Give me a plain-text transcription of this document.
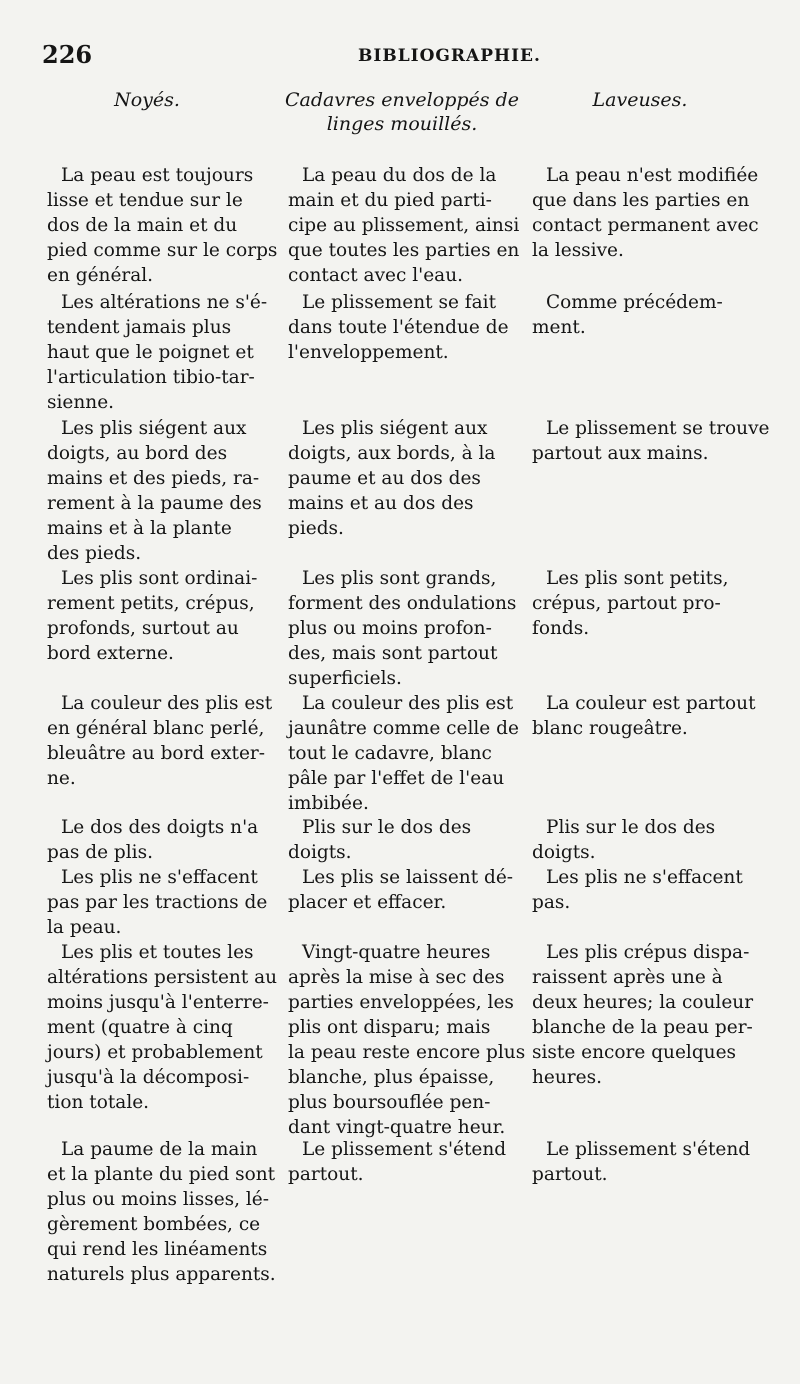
226	BIBLIOGRAPHIE.
Noyés.	Cadavres enveloppés de
linges mouillés.
Laveuses.
La peau est toujours
lisse et tendue sur le
dos de la main et du
pied comme sur le corps
en général.
La peau du dos de la
main et du pied parti-
cipe au plissement, ainsi
que toutes les parties en
contact avec l'eau.
La peau n'est modifiée
que dans les parties en
contact permanent avec
la lessive.
Les altérations ne s'é-
tendent jamais plus
haut que le poignet et
l'articulation tibio-tar-
sienne.
Le plissement se fait
dans toute l'étendue de
l'enveloppement.
Comme précédem-
ment.
Les plis siégent aux
doigts, au bord des
mains et des pieds, ra-
rement à la paume des
mains et à la plante
des pieds.
Les plis siégent aux
doigts, aux bords, à la
paume et au dos des
mains et au dos des
pieds.
Le plissement se trouve
partout aux mains.
Les plis sont ordinai-
rement petits, crépus,
profonds, surtout au
bord externe.
Les plis sont grands,
forment des ondulations
plus ou moins profon-
des, mais sont partout
superficiels.
Les plis sont petits,
crépus, partout pro-
fonds.
La couleur des plis est
en général blanc perlé,
bleuâtre au bord exter-
ne.
La couleur des plis est
jaunâtre comme celle de
tout le cadavre, blanc
pâle par l'effet de l'eau
imbibée.
La couleur est partout
blanc rougeâtre.
Le dos des doigts n'a
pas de plis.
Plis sur le dos des
doigts.
Plis sur le dos des
doigts.
Les plis ne s'effacent
pas par les tractions de
la peau.
Les plis se laissent dé-
placer et effacer.
Les plis ne s'effacent
pas.
Les plis et toutes les
altérations persistent au
moins jusqu'à l'enterre-
ment (quatre à cinq
jours) et probablement
jusqu'à la décomposi-
tion totale.
Vingt-quatre heures
après la mise à sec des
parties enveloppées, les
plis ont disparu; mais
la peau reste encore plus
blanche, plus épaisse,
plus boursouflée pen-
dant vingt-quatre heur.
Les plis crépus dispa-
raissent après une à
deux heures; la couleur
blanche de la peau per-
siste encore quelques
heures.
La paume de la main
et la plante du pied sont
plus ou moins lisses, lé-
gèrement bombées, ce
qui rend les linéaments
naturels plus apparents.
Le plissement s'étend
partout.
Le plissement s'étend
partout.
